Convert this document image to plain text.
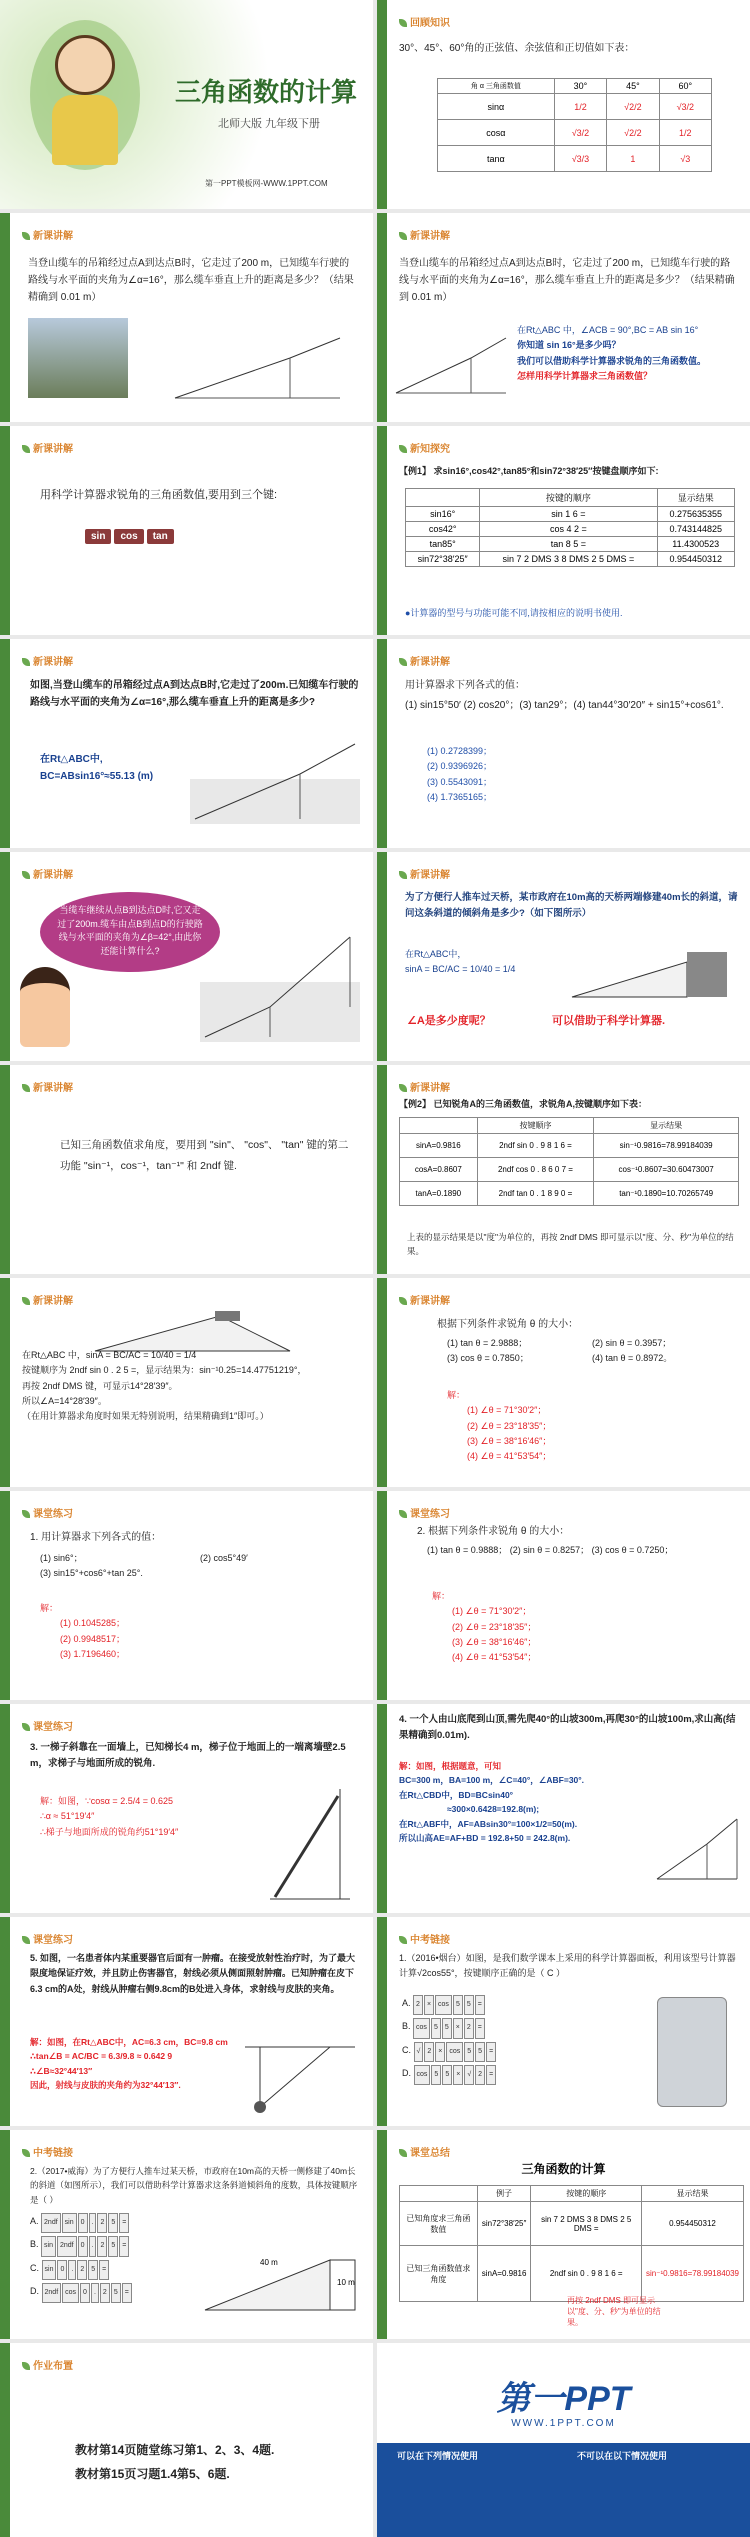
三角函数的计算
北师大版 九年级下册
第一PPT模板网-WWW.1PPT.COM
回顾知识
30°、45°、60°角的正弦值、余弦值和正切值如下表：
角 α 三角函数值	30°	45°	60°
sinα	1/2	√2/2	√3/2
cosα	√3/2	√2/2	1/2
tanα	√3/3	1	√3
新课讲解
当登山缆车的吊箱经过点A到达点B时，它走过了200 m，已知缆车行驶的路线与水平面的夹角为∠α=16°，那么缆车垂直上升的距离是多少？（结果精确到 0.01 m）
新课讲解
当登山缆车的吊箱经过点A到达点B时，它走过了200 m，已知缆车行驶的路线与水平面的夹角为∠α=16°，那么缆车垂直上升的距离是多少？（结果精确到 0.01 m）
在Rt△ABC 中，∠ACB = 90°,BC = AB sin 16°
你知道 sin 16°是多少吗？
我们可以借助科学计算器求锐角的三角函数值。
怎样用科学计算器求三角函数值？
新课讲解
用科学计算器求锐角的三角函数值,要用到三个键:
sin cos tan
新知探究
【例1】 求sin16°,cos42°,tan85°和sin72°38′25″按键盘顺序如下:
	按键的顺序	显示结果
sin16°	sin 1 6 =	0.275635355
cos42°	cos 4 2 =	0.743144825
tan85°	tan 8 5 =	11.4300523
sin72°38′25″	sin 7 2 DMS 3 8 DMS 2 5 DMS =	0.954450312
●计算器的型号与功能可能不同,请按相应的说明书使用.
新课讲解
如图,当登山缆车的吊箱经过点A到达点B时,它走过了200m.已知缆车行驶的路线与水平面的夹角为∠α=16°,那么缆车垂直上升的距离是多少?
在Rt△ABC中,
BC=ABsin16°≈55.13 (m)
新课讲解
用计算器求下列各式的值：
(1) sin15°50′ (2) cos20°；(3) tan29°；(4) tan44°30′20″ + sin15°+cos61°.
(1) 0.2728399；
(2) 0.9396926；
(3) 0.5543091；
(4) 1.7365165；
新课讲解
当缆车继续从点B到达点D时,它又走过了200m.缆车由点B到点D的行驶路线与水平面的夹角为∠β=42°,由此你还能计算什么?
新课讲解
为了方便行人推车过天桥，某市政府在10m高的天桥两端修建40m长的斜道，请问这条斜道的倾斜角是多少?（如下图所示）
在Rt△ABC中，
sinA = BC/AC = 10/40 = 1/4
∠A是多少度呢？	可以借助于科学计算器.
新课讲解
已知三角函数值求角度，要用到 "sin"、 "cos"、 "tan" 键的第二功能 "sin⁻¹，cos⁻¹，tan⁻¹" 和 2ndf 键.
新课讲解
【例2】 已知锐角A的三角函数值，求锐角A,按键顺序如下表：
	按键顺序	显示结果
sinA=0.9816	2ndf sin 0 . 9 8 1 6 =	sin⁻¹0.9816=78.99184039
cosA=0.8607	2ndf cos 0 . 8 6 0 7 =	cos⁻¹0.8607=30.60473007
tanA=0.1890	2ndf tan 0 . 1 8 9 0 =	tan⁻¹0.1890=10.70265749
上表的显示结果是以"度"为单位的，再按 2ndf DMS 即可显示以"度、分、秒"为单位的结果。
新课讲解
在Rt△ABC 中，sinA = BC/AC = 10/40 = 1/4
按键顺序为 2ndf sin 0 . 2 5 =，显示结果为：sin⁻¹0.25=14.47751219°，
再按 2ndf DMS 键，可显示14°28′39″。
所以∠A=14°28′39″。
（在用计算器求角度时如果无特别说明，结果精确到1″即可。）
新课讲解
根据下列条件求锐角 θ 的大小：
(1) tan θ = 2.9888；	(2) sin θ = 0.3957；
(3) cos θ = 0.7850；	(4) tan θ = 0.8972。
解：
(1) ∠θ = 71°30′2″；
(2) ∠θ = 23°18′35″；
(3) ∠θ = 38°16′46″；
(4) ∠θ = 41°53′54″；
课堂练习
1. 用计算器求下列各式的值：
(1) sin6°；	(2) cos5°49′
(3) sin15°+cos6°+tan 25°.
解：
(1) 0.1045285；
(2) 0.9948517；
(3) 1.7196460；
课堂练习
2. 根据下列条件求锐角 θ 的大小：
(1) tan θ = 0.9888； (2) sin θ = 0.8257； (3) cos θ = 0.7250；
解：
(1) ∠θ = 71°30′2″；
(2) ∠θ = 23°18′35″；
(3) ∠θ = 38°16′46″；
(4) ∠θ = 41°53′54″；
课堂练习
3. 一梯子斜靠在一面墙上，已知梯长4 m，梯子位于地面上的一端离墙壁2.5 m，求梯子与地面所成的锐角.
解：如图，∵cosα = 2.5/4 = 0.625
∴α ≈ 51°19′4″
∴梯子与地面所成的锐角约51°19′4″
4. 一个人由山底爬到山顶,需先爬40°的山坡300m,再爬30°的山坡100m,求山高(结果精确到0.01m).
解：如图，根据题意，可知
BC=300 m，BA=100 m，∠C=40°，∠ABF=30°.
在Rt△CBD中，BD=BCsin40°
≈300×0.6428=192.8(m);
在Rt△ABF中，AF=ABsin30°=100×1/2=50(m).
所以山高AE=AF+BD = 192.8+50 = 242.8(m).
课堂练习
5. 如图，一名患者体内某重要器官后面有一肿瘤。在接受放射性治疗时，为了最大限度地保证疗效，并且防止伤害器官，射线必须从侧面照射肿瘤。已知肿瘤在皮下6.3 cm的A处，射线从肿瘤右侧9.8cm的B处进入身体，求射线与皮肤的夹角。
解：如图，在Rt△ABC中，AC=6.3 cm，BC=9.8 cm
∴tan∠B = AC/BC = 6.3/9.8 ≈ 0.642 9
∴∠B≈32°44′13″
因此，射线与皮肤的夹角约为32°44′13″.
中考链接
1.（2016•烟台）如图，是我们数学课本上采用的科学计算器面板，利用该型号计算器计算√2cos55°，按键顺序正确的是（ C ）
A. 2 × cos 5 5 =
B. cos 5 5 × 2 =
C. √ 2 × cos 5 5 =
D. cos 5 5 × √ 2 =
中考链接
2.（2017•威海）为了方便行人推车过某天桥，市政府在10m高的天桥一侧修建了40m长的斜道（如图所示），我们可以借助科学计算器求这条斜道倾斜角的度数，具体按键顺序是（ ）
A. 2ndf sin 0 . 2 5 =
B. sin 2ndf 0 . 2 5 =
C. sin 0 . 2 5 =
D. 2ndf cos 0 . 2 5 =
40 m
10 m
课堂总结
三角函数的计算
	例子	按键的顺序	显示结果
已知角度求三角函数值	sin72°38′25″	sin 7 2 DMS 3 8 DMS 2 5 DMS =	0.954450312
已知三角函数值求角度	sinA=0.9816	2ndf sin 0 . 9 8 1 6 =	sin⁻¹0.9816=78.99184039
再按 2ndf DMS 即可显示以"度、分、秒"为单位的结果。
作业布置
教材第14页随堂练习第1、2、3、4题.
教材第15页习题1.4第5、6题.
第一PPT
WWW.1PPT.COM
可以在下列情况使用	不可以在以下情况使用
